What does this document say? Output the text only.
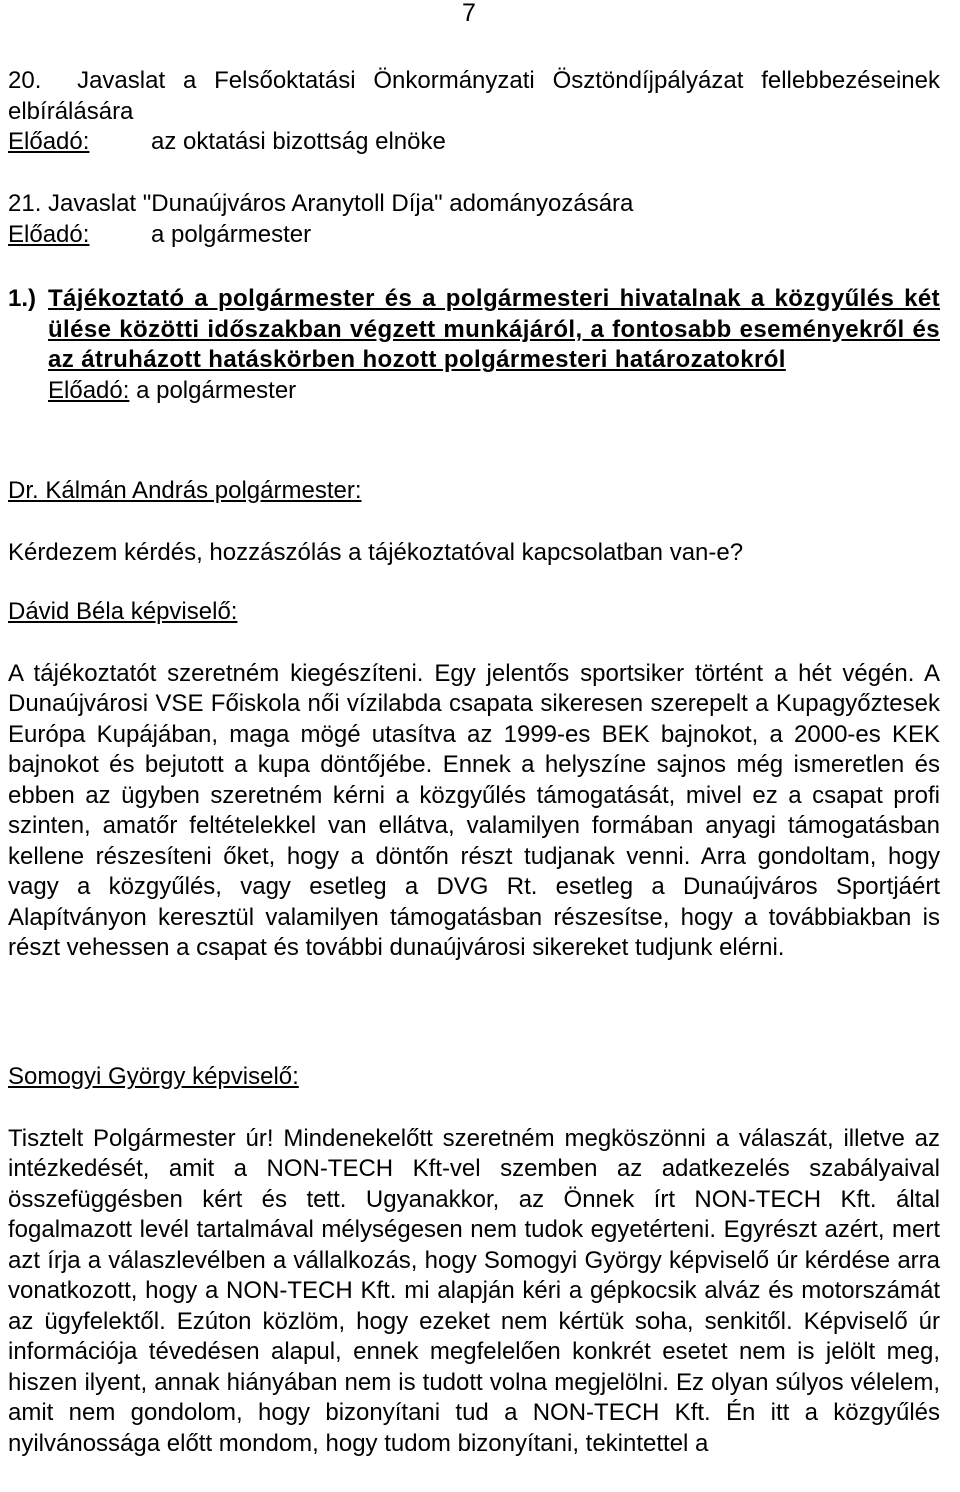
7

20. Javaslat a Felsőoktatási Önkormányzati Ösztöndíjpályázat fellebbezéseinek elbírálására

Előadó:	az oktatási bizottság elnöke

21. Javaslat "Dunaújváros Aranytoll Díja" adományozására

Előadó:	a polgármester

1.) Tájékoztató a polgármester és a polgármesteri hivatalnak a közgyűlés két ülése közötti időszakban végzett munkájáról, a fontosabb eseményekről és az átruházott hatáskörben hozott polgármesteri határozatokról

Előadó: a polgármester

Dr. Kálmán András polgármester:

Kérdezem kérdés, hozzászólás a tájékoztatóval kapcsolatban van-e?

Dávid Béla képviselő:

A tájékoztatót szeretném kiegészíteni. Egy jelentős sportsiker történt a hét végén. A Dunaújvárosi VSE Főiskola női vízilabda csapata sikeresen szerepelt a Kupagyőztesek Európa Kupájában, maga mögé utasítva az 1999-es BEK bajnokot, a 2000-es KEK bajnokot és bejutott a kupa döntőjébe. Ennek a helyszíne sajnos még ismeretlen és ebben az ügyben szeretném kérni a közgyűlés támogatását, mivel ez a csapat profi szinten, amatőr feltételekkel van ellátva, valamilyen formában anyagi támogatásban kellene részesíteni őket, hogy a döntőn részt tudjanak venni. Arra gondoltam, hogy vagy a közgyűlés, vagy esetleg a DVG Rt. esetleg a Dunaújváros Sportjáért Alapítványon keresztül valamilyen támogatásban részesítse, hogy a továbbiakban is részt vehessen a csapat és további dunaújvárosi sikereket tudjunk elérni.

Somogyi György képviselő:

Tisztelt Polgármester úr! Mindenekelőtt szeretném megköszönni a válaszát, illetve az intézkedését, amit a NON-TECH Kft-vel szemben az adatkezelés szabályaival összefüggésben kért és tett. Ugyanakkor, az Önnek írt NON-TECH Kft. által fogalmazott levél tartalmával mélységesen nem tudok egyetérteni. Egyrészt azért, mert azt írja a válaszlevélben a vállalkozás, hogy Somogyi György képviselő úr kérdése arra vonatkozott, hogy a NON-TECH Kft. mi alapján kéri a gépkocsik alváz és motorszámát az ügyfelektől. Ezúton közlöm, hogy ezeket nem kértük soha, senkitől. Képviselő úr információja tévedésen alapul, ennek megfelelően konkrét esetet nem is jelölt meg, hiszen ilyent, annak hiányában nem is tudott volna megjelölni. Ez olyan súlyos vélelem, amit nem gondolom, hogy bizonyítani tud a NON-TECH Kft. Én itt a közgyűlés nyilvánossága előtt mondom, hogy tudom bizonyítani, tekintettel a
